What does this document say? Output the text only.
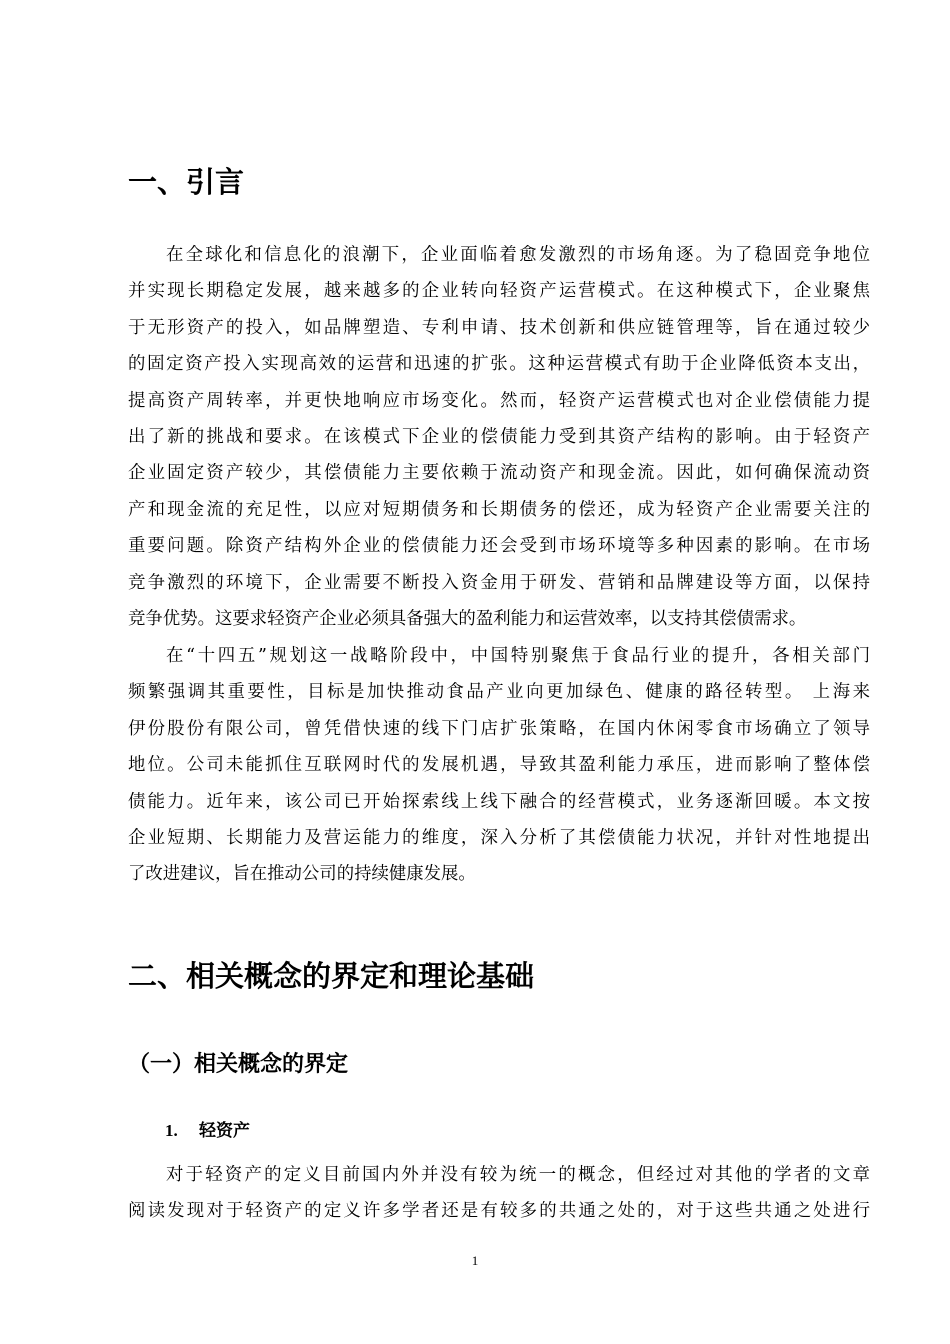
一、引言
在全球化和信息化的浪潮下，企业面临着愈发激烈的市场角逐。为了稳固竞争地位
并实现长期稳定发展，越来越多的企业转向轻资产运营模式。在这种模式下，企业聚焦
于无形资产的投入，如品牌塑造、专利申请、技术创新和供应链管理等，旨在通过较少
的固定资产投入实现高效的运营和迅速的扩张。这种运营模式有助于企业降低资本支出，
提高资产周转率，并更快地响应市场变化。然而，轻资产运营模式也对企业偿债能力提
出了新的挑战和要求。在该模式下企业的偿债能力受到其资产结构的影响。由于轻资产
企业固定资产较少，其偿债能力主要依赖于流动资产和现金流。因此，如何确保流动资
产和现金流的充足性，以应对短期债务和长期债务的偿还，成为轻资产企业需要关注的
重要问题。除资产结构外企业的偿债能力还会受到市场环境等多种因素的影响。在市场
竞争激烈的环境下，企业需要不断投入资金用于研发、营销和品牌建设等方面，以保持
竞争优势。这要求轻资产企业必须具备强大的盈利能力和运营效率，以支持其偿债需求。
在“十四五”规划这一战略阶段中，中国特别聚焦于食品行业的提升，各相关部门
频繁强调其重要性，目标是加快推动食品产业向更加绿色、健康的路径转型。 上海来
伊份股份有限公司，曾凭借快速的线下门店扩张策略，在国内休闲零食市场确立了领导
地位。公司未能抓住互联网时代的发展机遇，导致其盈利能力承压，进而影响了整体偿
债能力。近年来，该公司已开始探索线上线下融合的经营模式，业务逐渐回暖。本文按
企业短期、长期能力及营运能力的维度，深入分析了其偿债能力状况，并针对性地提出
了改进建议，旨在推动公司的持续健康发展。
二、相关概念的界定和理论基础
（一）相关概念的界定
1. 轻资产
对于轻资产的定义目前国内外并没有较为统一的概念，但经过对其他的学者的文章
阅读发现对于轻资产的定义许多学者还是有较多的共通之处的，对于这些共通之处进行
1
